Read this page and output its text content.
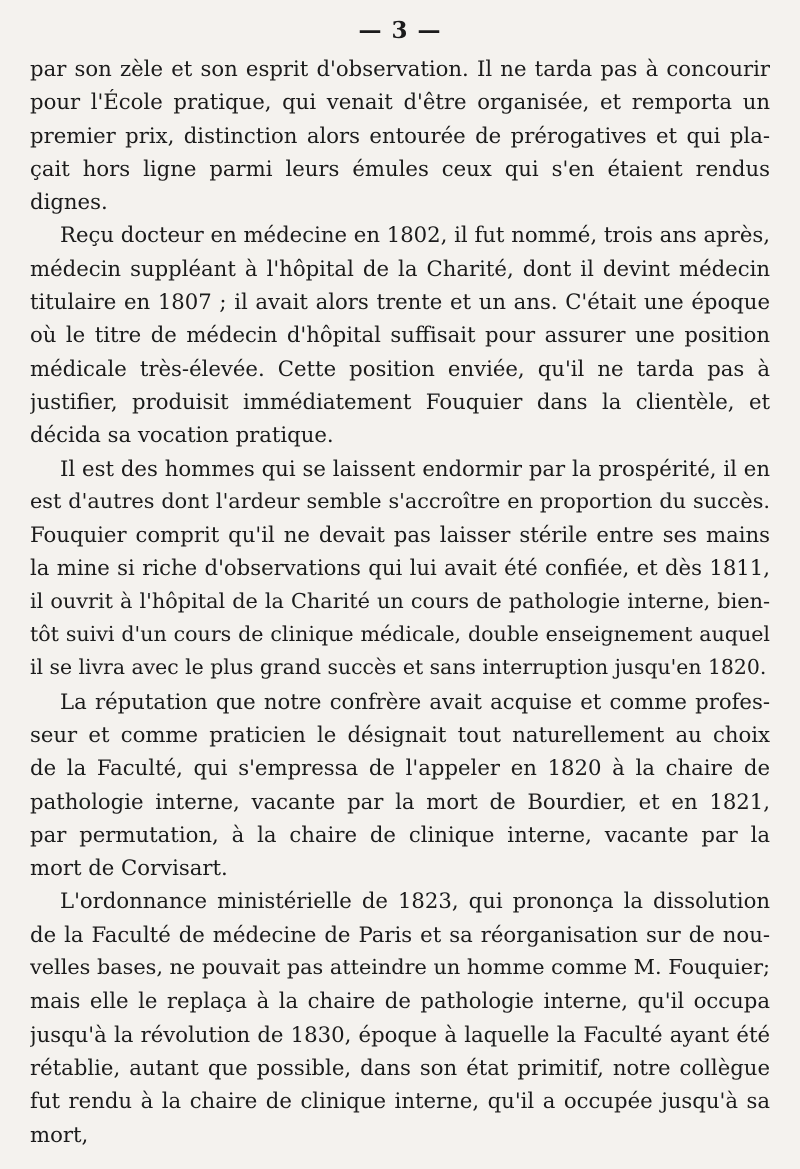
— 3 —

par son zèle et son esprit d'observation. Il ne tarda pas à concourir
pour l'École pratique, qui venait d'être organisée, et remporta un
premier prix, distinction alors entourée de prérogatives et qui pla-
çait hors ligne parmi leurs émules ceux qui s'en étaient rendus
dignes.

Reçu docteur en médecine en 1802, il fut nommé, trois ans après,
médecin suppléant à l'hôpital de la Charité, dont il devint médecin
titulaire en 1807 ; il avait alors trente et un ans. C'était une époque
où le titre de médecin d'hôpital suffisait pour assurer une position
médicale très-élevée. Cette position enviée, qu'il ne tarda pas à
justifier, produisit immédiatement Fouquier dans la clientèle, et
décida sa vocation pratique.

Il est des hommes qui se laissent endormir par la prospérité, il en
est d'autres dont l'ardeur semble s'accroître en proportion du succès.
Fouquier comprit qu'il ne devait pas laisser stérile entre ses mains
la mine si riche d'observations qui lui avait été confiée, et dès 1811,
il ouvrit à l'hôpital de la Charité un cours de pathologie interne, bien-
tôt suivi d'un cours de clinique médicale, double enseignement auquel
il se livra avec le plus grand succès et sans interruption jusqu'en 1820.

La réputation que notre confrère avait acquise et comme profes-
seur et comme praticien le désignait tout naturellement au choix
de la Faculté, qui s'empressa de l'appeler en 1820 à la chaire de
pathologie interne, vacante par la mort de Bourdier, et en 1821,
par permutation, à la chaire de clinique interne, vacante par la
mort de Corvisart.

L'ordonnance ministérielle de 1823, qui prononça la dissolution
de la Faculté de médecine de Paris et sa réorganisation sur de nou-
velles bases, ne pouvait pas atteindre un homme comme M. Fouquier;
mais elle le replaça à la chaire de pathologie interne, qu'il occupa
jusqu'à la révolution de 1830, époque à laquelle la Faculté ayant été
rétablie, autant que possible, dans son état primitif, notre collègue
fut rendu à la chaire de clinique interne, qu'il a occupée jusqu'à sa
mort,
